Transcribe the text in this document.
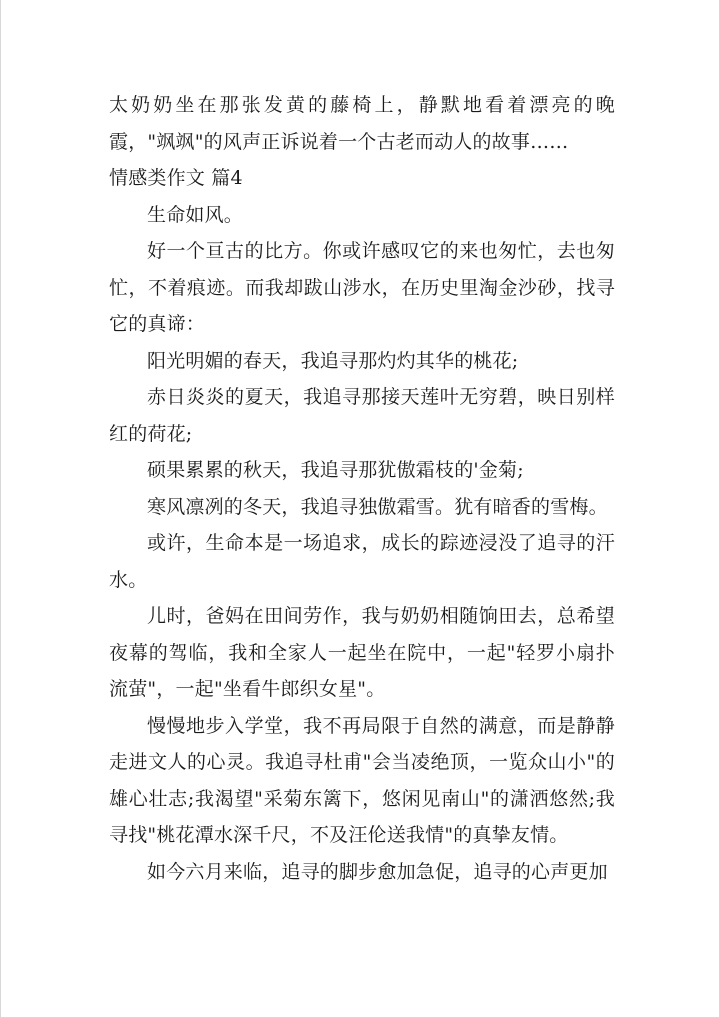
太奶奶坐在那张发黄的藤椅上，静默地看着漂亮的晚霞，"飒飒"的风声正诉说着一个古老而动人的故事……

情感类作文 篇4

生命如风。

好一个亘古的比方。你或许感叹它的来也匆忙，去也匆忙，不着痕迹。而我却跋山涉水，在历史里淘金沙砂，找寻它的真谛：

阳光明媚的春天，我追寻那灼灼其华的桃花;

赤日炎炎的夏天，我追寻那接天莲叶无穷碧，映日别样红的荷花;

硕果累累的秋天，我追寻那犹傲霜枝的'金菊;

寒风凛冽的冬天，我追寻独傲霜雪。犹有暗香的雪梅。

或许，生命本是一场追求，成长的踪迹浸没了追寻的汗水。

儿时，爸妈在田间劳作，我与奶奶相随饷田去，总希望夜幕的驾临，我和全家人一起坐在院中，一起"轻罗小扇扑流萤"，一起"坐看牛郎织女星"。

慢慢地步入学堂，我不再局限于自然的满意，而是静静走进文人的心灵。我追寻杜甫"会当凌绝顶，一览众山小"的雄心壮志;我渴望"采菊东篱下，悠闲见南山"的潇洒悠然;我寻找"桃花潭水深千尺，不及汪伦送我情"的真挚友情。

如今六月来临，追寻的脚步愈加急促，追寻的心声更加
